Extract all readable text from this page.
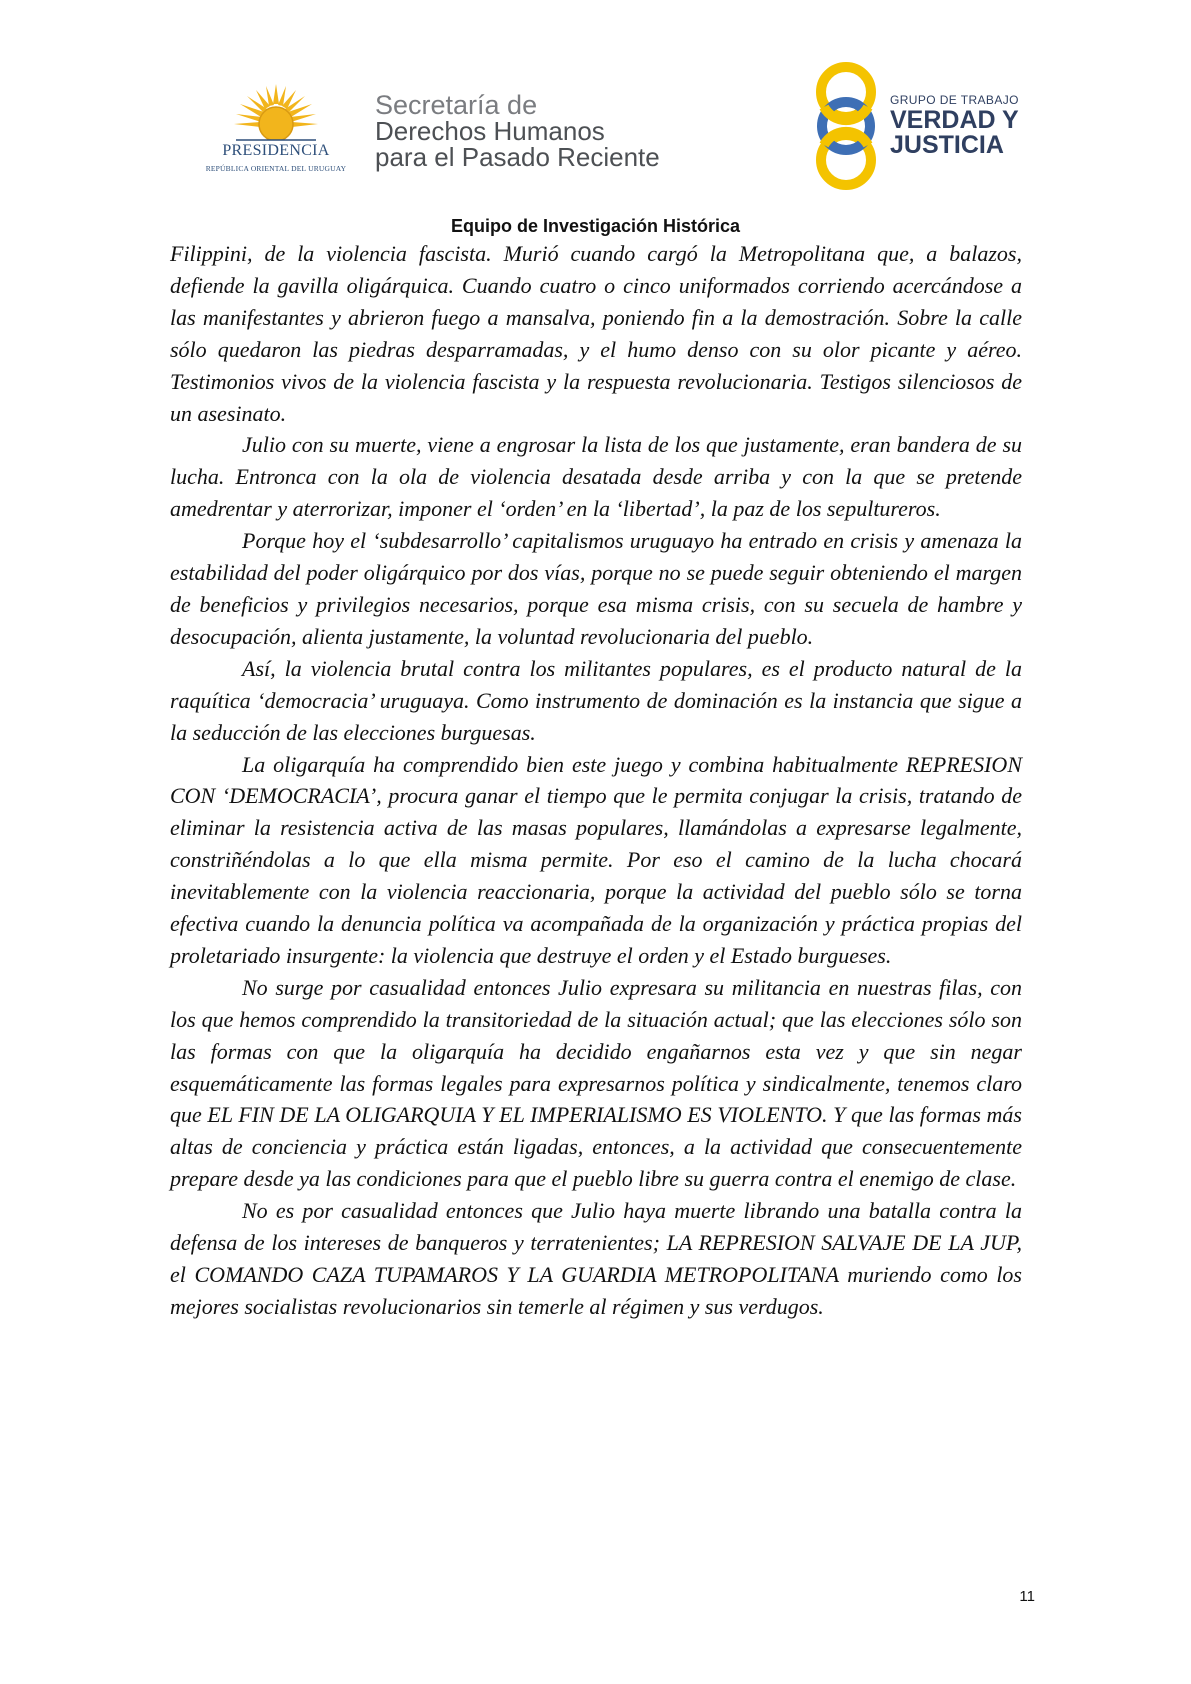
PRESIDENCIA
REPÚBLICA ORIENTAL DEL URUGUAY
Secretaría de
Derechos Humanos
para el Pasado Reciente
GRUPO DE TRABAJO
VERDAD Y
JUSTICIA
Equipo de Investigación Histórica

Filippini, de la violencia fascista. Murió cuando cargó la Metropolitana que, a balazos, defiende la gavilla oligárquica. Cuando cuatro o cinco uniformados corriendo acercándose a las manifestantes y abrieron fuego a mansalva, poniendo fin a la demostración. Sobre la calle sólo quedaron las piedras desparramadas, y el humo denso con su olor picante y aéreo. Testimonios vivos de la violencia fascista y la respuesta revolucionaria. Testigos silenciosos de un asesinato.

Julio con su muerte, viene a engrosar la lista de los que justamente, eran bandera de su lucha. Entronca con la ola de violencia desatada desde arriba y con la que se pretende amedrentar y aterrorizar, imponer el ‘orden’ en la ‘libertad’, la paz de los sepultureros.

Porque hoy el ‘subdesarrollo’ capitalismos uruguayo ha entrado en crisis y amenaza la estabilidad del poder oligárquico por dos vías, porque no se puede seguir obteniendo el margen de beneficios y privilegios necesarios, porque esa misma crisis, con su secuela de hambre y desocupación, alienta justamente, la voluntad revolucionaria del pueblo.

Así, la violencia brutal contra los militantes populares, es el producto natural de la raquítica ‘democracia’ uruguaya. Como instrumento de dominación es la instancia que sigue a la seducción de las elecciones burguesas.

La oligarquía ha comprendido bien este juego y combina habitualmente REPRESION CON ‘DEMOCRACIA’, procura ganar el tiempo que le permita conjugar la crisis, tratando de eliminar la resistencia activa de las masas populares, llamándolas a expresarse legalmente, constriñéndolas a lo que ella misma permite. Por eso el camino de la lucha chocará inevitablemente con la violencia reaccionaria, porque la actividad del pueblo sólo se torna efectiva cuando la denuncia política va acompañada de la organización y práctica propias del proletariado insurgente: la violencia que destruye el orden y el Estado burgueses.

No surge por casualidad entonces Julio expresara su militancia en nuestras filas, con los que hemos comprendido la transitoriedad de la situación actual; que las elecciones sólo son las formas con que la oligarquía ha decidido engañarnos esta vez y que sin negar esquemáticamente las formas legales para expresarnos política y sindicalmente, tenemos claro que EL FIN DE LA OLIGARQUIA Y EL IMPERIALISMO ES VIOLENTO. Y que las formas más altas de conciencia y práctica están ligadas, entonces, a la actividad que consecuentemente prepare desde ya las condiciones para que el pueblo libre su guerra contra el enemigo de clase.

No es por casualidad entonces que Julio haya muerte librando una batalla contra la defensa de los intereses de banqueros y terratenientes; LA REPRESION SALVAJE DE LA JUP, el COMANDO CAZA TUPAMAROS Y LA GUARDIA METROPOLITANA muriendo como los mejores socialistas revolucionarios sin temerle al régimen y sus verdugos.

11
